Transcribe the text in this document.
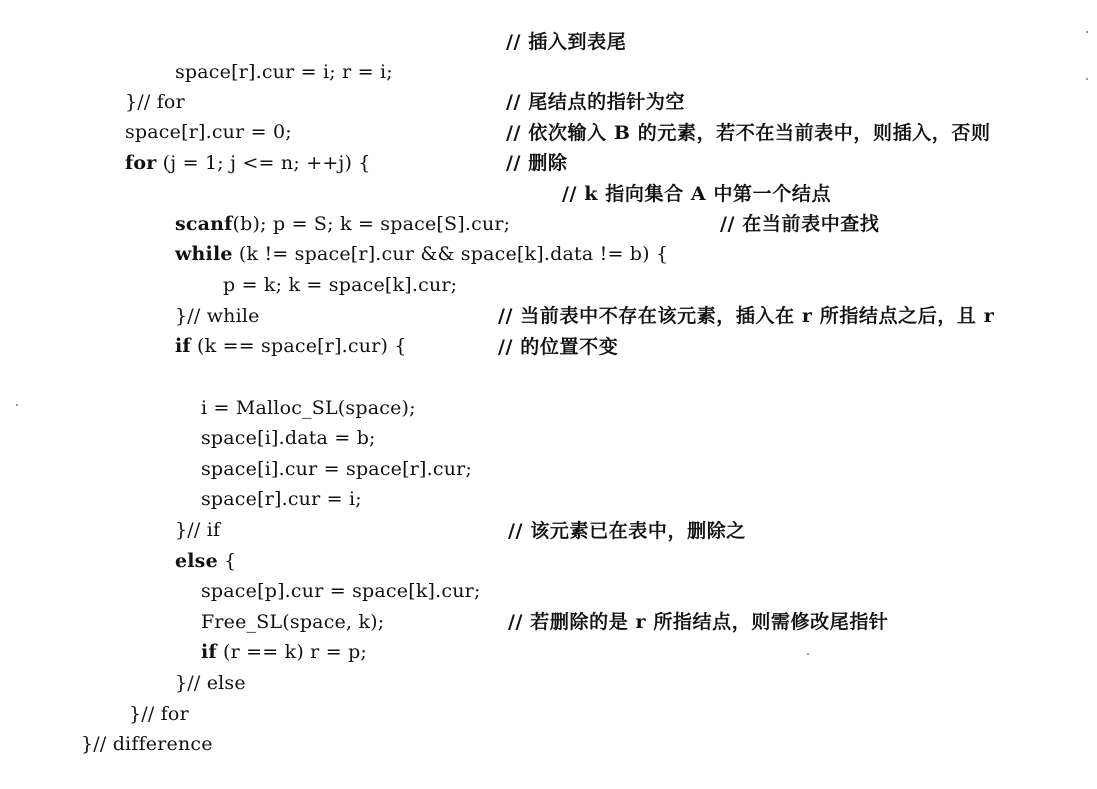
space[r].cur = i; r = i;

// 插入到表尾

}// for

space[r].cur = 0;

// 尾结点的指针为空

for (j = 1; j <= n; ++j) {

// 依次输入 B 的元素，若不在当前表中，则插入，否则

// 删除

scanf(b); p = S; k = space[S].cur;

// k 指向集合 A 中第一个结点

while (k != space[r].cur && space[k].data != b) {

// 在当前表中查找

p = k; k = space[k].cur;

}// while

if (k == space[r].cur) {

// 当前表中不存在该元素，插入在 r 所指结点之后，且 r

// 的位置不变

i = Malloc_SL(space);

space[i].data = b;

space[i].cur = space[r].cur;

space[r].cur = i;

}// if

else {

// 该元素已在表中，删除之

space[p].cur = space[k].cur;

Free_SL(space, k);

if (r == k) r = p;

// 若删除的是 r 所指结点，则需修改尾指针

}// else

}// for

}// difference
